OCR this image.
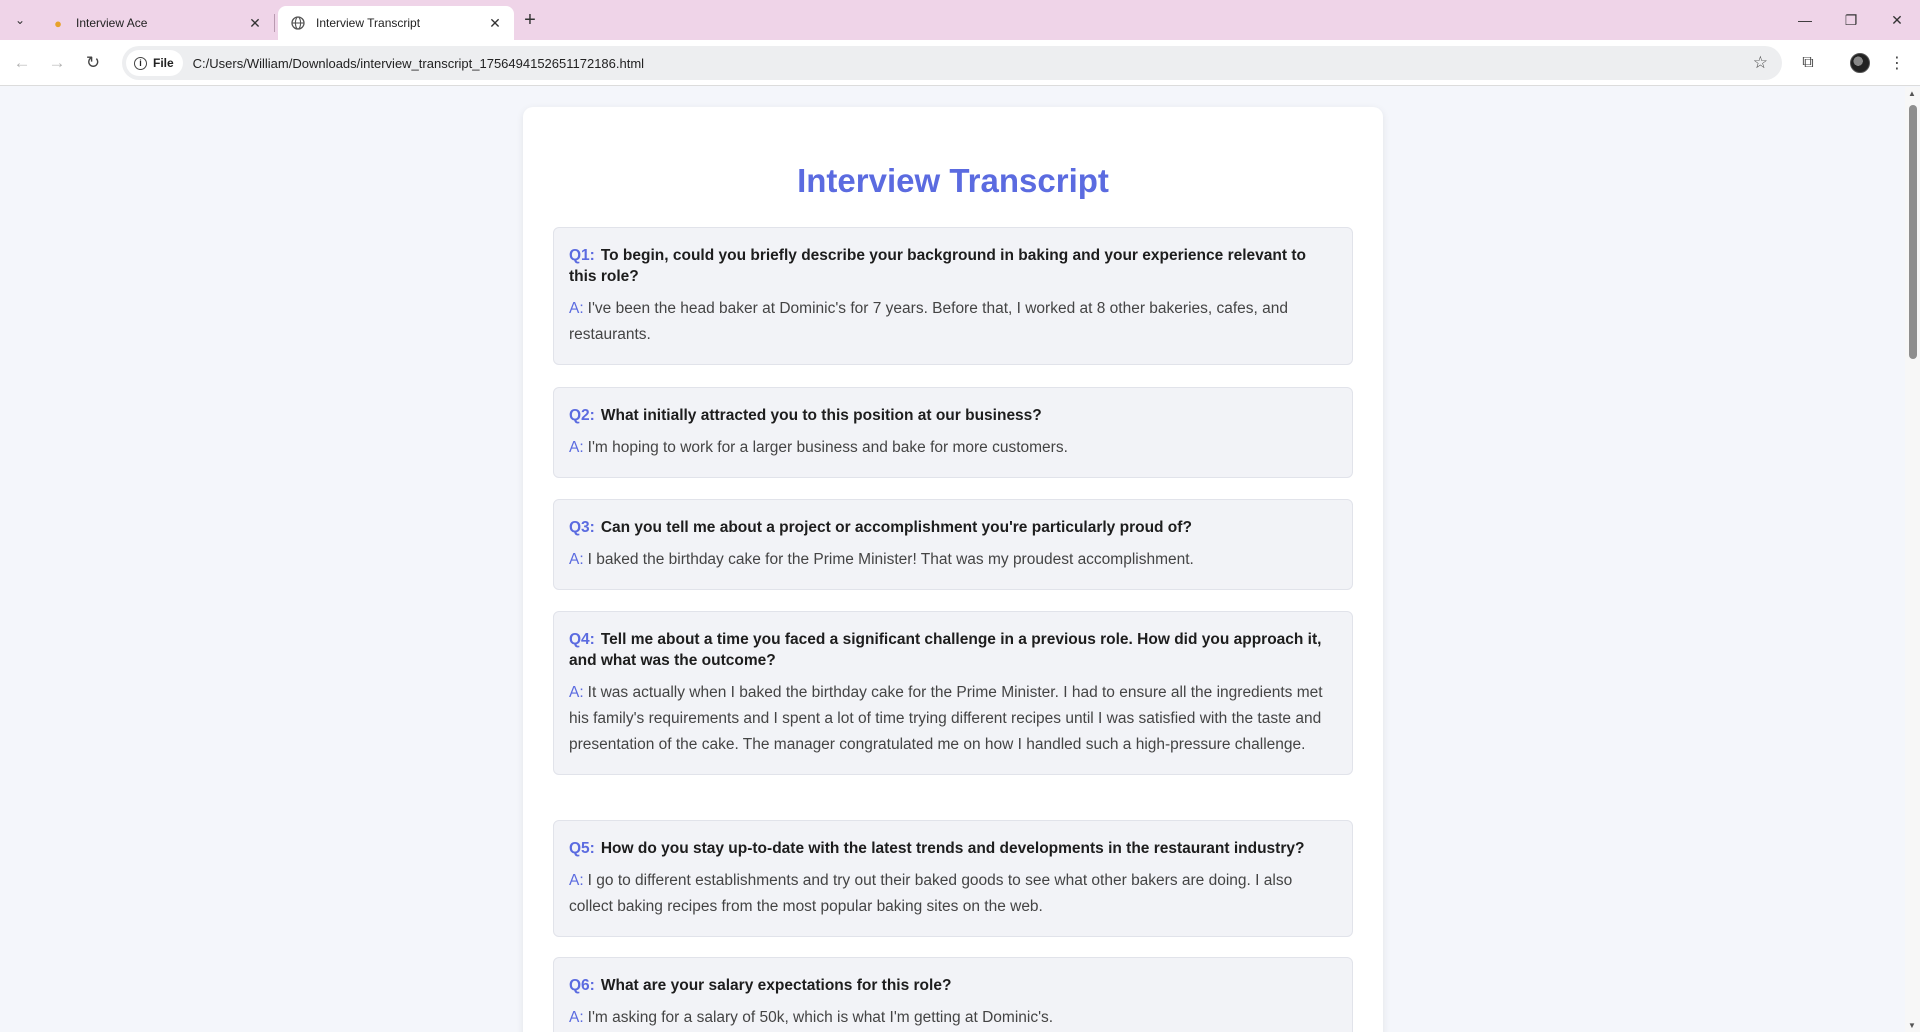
⌄	●	Interview Ace	✕	Interview Transcript	✕ +	— ❐ ✕
← → ↻	i File C:/Users/William/Downloads/interview_transcript_1756494152651172186.html	☆ ⧉	⋮
Interview Transcript
Q1: To begin, could you briefly describe your background in baking and your experience relevant to this role?
A: I've been the head baker at Dominic's for 7 years. Before that, I worked at 8 other bakeries, cafes, and restaurants.
Q2: What initially attracted you to this position at our business?
A: I'm hoping to work for a larger business and bake for more customers.
Q3: Can you tell me about a project or accomplishment you're particularly proud of?
A: I baked the birthday cake for the Prime Minister! That was my proudest accomplishment.
Q4: Tell me about a time you faced a significant challenge in a previous role. How did you approach it, and what was the outcome?
A: It was actually when I baked the birthday cake for the Prime Minister. I had to ensure all the ingredients met his family's requirements and I spent a lot of time trying different recipes until I was satisfied with the taste and presentation of the cake. The manager congratulated me on how I handled such a high-pressure challenge.
Q5: How do you stay up-to-date with the latest trends and developments in the restaurant industry?
A: I go to different establishments and try out their baked goods to see what other bakers are doing. I also collect baking recipes from the most popular baking sites on the web.
Q6: What are your salary expectations for this role?
A: I'm asking for a salary of 50k, which is what I'm getting at Dominic's.
▲
▼
